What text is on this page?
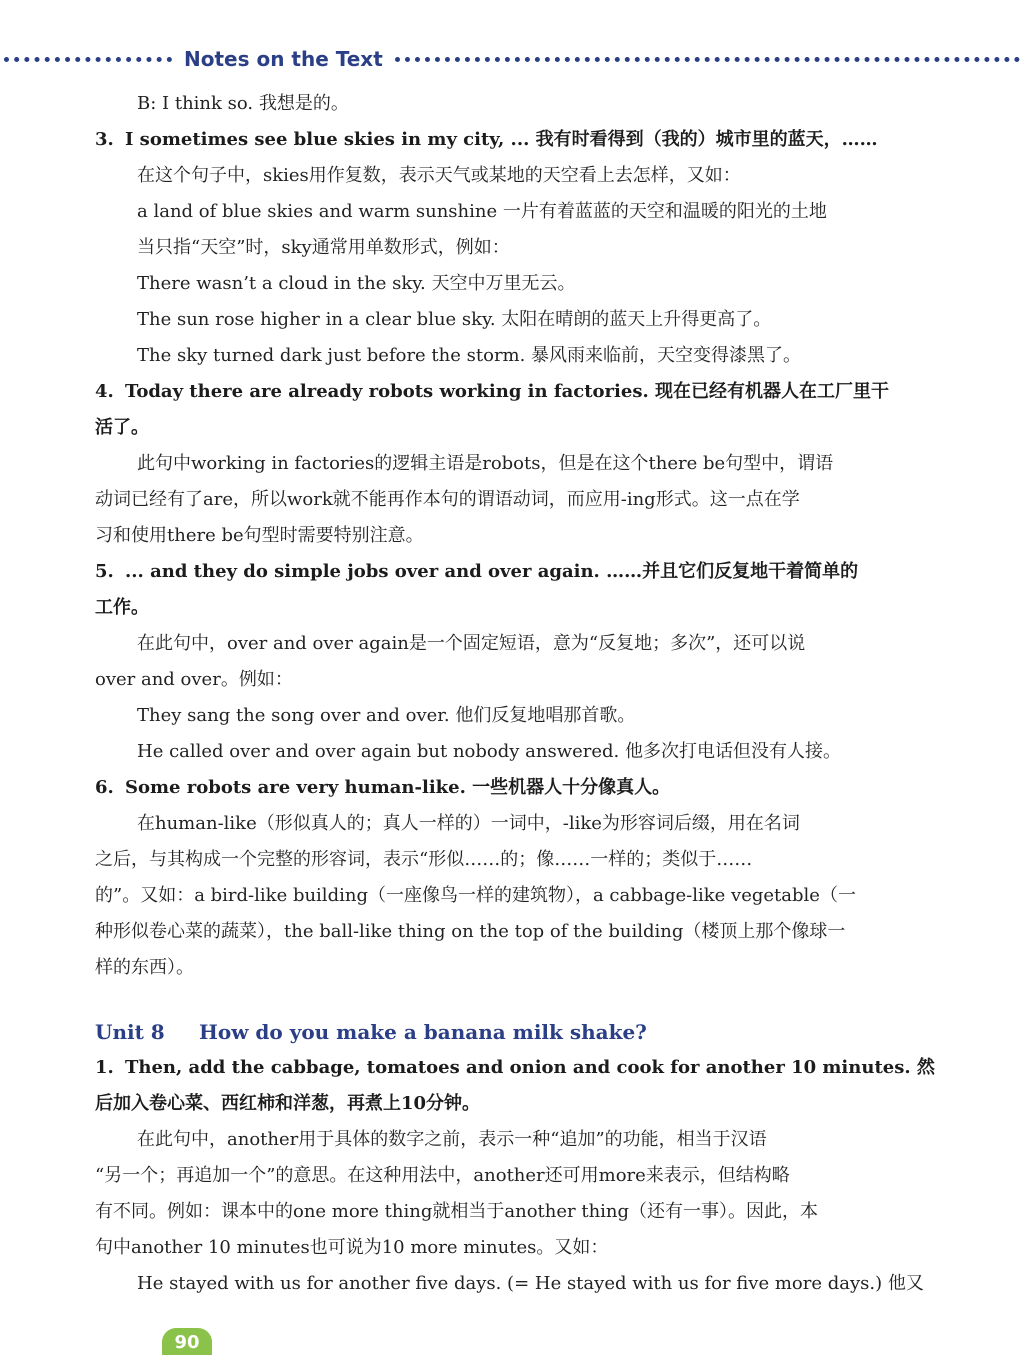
Notes on the Text
B: I think so. 我想是的。
3. I sometimes see blue skies in my city, ... 我有时看得到（我的）城市里的蓝天，……
在这个句子中，skies用作复数，表示天气或某地的天空看上去怎样，又如：
a land of blue skies and warm sunshine 一片有着蓝蓝的天空和温暖的阳光的土地
当只指“天空”时，sky通常用单数形式，例如：
There wasn’t a cloud in the sky. 天空中万里无云。
The sun rose higher in a clear blue sky. 太阳在晴朗的蓝天上升得更高了。
The sky turned dark just before the storm. 暴风雨来临前，天空变得漆黑了。
4. Today there are already robots working in factories. 现在已经有机器人在工厂里干
活了。
此句中working in factories的逻辑主语是robots，但是在这个there be句型中，谓语
动词已经有了are，所以work就不能再作本句的谓语动词，而应用-ing形式。这一点在学
习和使用there be句型时需要特别注意。
5. ... and they do simple jobs over and over again. ……并且它们反复地干着简单的
工作。
在此句中，over and over again是一个固定短语，意为“反复地；多次”，还可以说
over and over。例如：
They sang the song over and over. 他们反复地唱那首歌。
He called over and over again but nobody answered. 他多次打电话但没有人接。
6. Some robots are very human-like. 一些机器人十分像真人。
在human-like（形似真人的；真人一样的）一词中，-like为形容词后缀，用在名词
之后，与其构成一个完整的形容词，表示“形似……的；像……一样的；类似于……
的”。又如：a bird-like building（一座像鸟一样的建筑物），a cabbage-like vegetable（一
种形似卷心菜的蔬菜），the ball-like thing on the top of the building（楼顶上那个像球一
样的东西）。
Unit 8 How do you make a banana milk shake?
1. Then, add the cabbage, tomatoes and onion and cook for another 10 minutes. 然
后加入卷心菜、西红柿和洋葱，再煮上10分钟。
在此句中，another用于具体的数字之前，表示一种“追加”的功能，相当于汉语
“另一个；再追加一个”的意思。在这种用法中，another还可用more来表示，但结构略
有不同。例如：课本中的one more thing就相当于another thing（还有一事）。因此，本
句中another 10 minutes也可说为10 more minutes。又如：
He stayed with us for another five days. (= He stayed with us for five more days.) 他又
90
